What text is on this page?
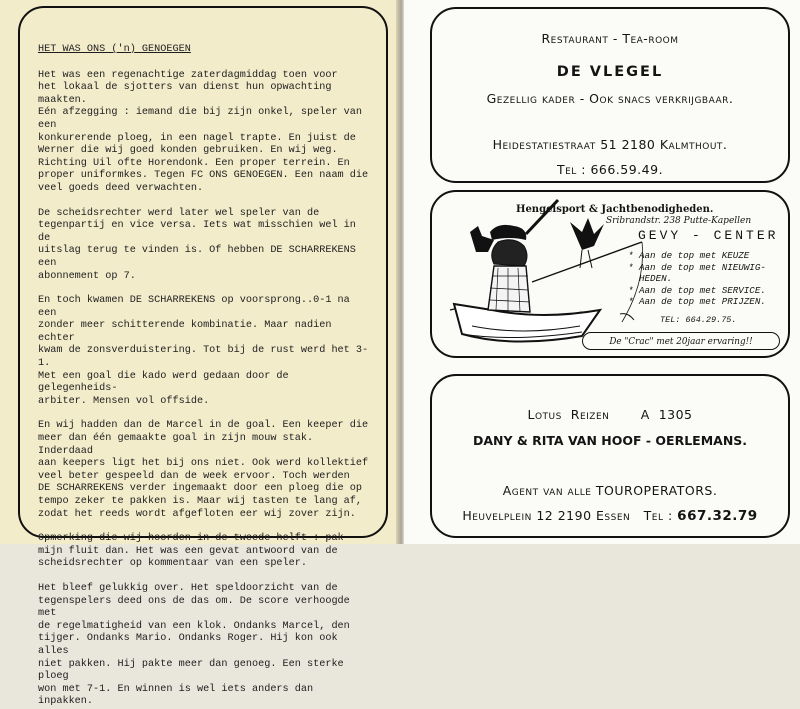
HET WAS ONS ('n) GENOEGEN

Het was een regenachtige zaterdagmiddag toen voor
het lokaal de sjotters van dienst hun opwachting maakten.
Eén afzegging : iemand die bij zijn onkel, speler van een
konkurerende ploeg, in een nagel trapte. En juist de
Werner die wij goed konden gebruiken. En wij weg.
Richting Uil ofte Horendonk. Een proper terrein. En
proper uniformkes. Tegen FC ONS GENOEGEN. Een naam die
veel goeds deed verwachten.

De scheidsrechter werd later wel speler van de
tegenpartij en vice versa. Iets wat misschien wel in de
uitslag terug te vinden is. Of hebben DE SCHARREKENS een
abonnement op 7.

En toch kwamen DE SCHARREKENS op voorsprong..0-1 na een
zonder meer schitterende kombinatie. Maar nadien echter
kwam de zonsverduistering. Tot bij de rust werd het 3-1.
Met een goal die kado werd gedaan door de gelegenheids-
arbiter. Mensen vol offside.

En wij hadden dan de Marcel in de goal. Een keeper die
meer dan één gemaakte goal in zijn mouw stak. Inderdaad
aan keepers ligt het bij ons niet. Ook werd kollektief
veel beter gespeeld dan de week ervoor. Toch werden
DE SCHARREKENS verder ingemaakt door een ploeg die op
tempo zeker te pakken is. Maar wij tasten te lang af,
zodat het reeds wordt afgefloten eer wij zover zijn.

Opmerking die wij hoorden in de tweede helft : pak
mijn fluit dan. Het was een gevat antwoord van de
scheidsrechter op kommentaar van een speler.

Het bleef gelukkig over. Het speldoorzicht van de
tegenspelers deed ons de das om. De score verhoogde met
de regelmatigheid van een klok. Ondanks Marcel, den
tijger. Ondanks Mario. Ondanks Roger. Hij kon ook alles
niet pakken. Hij pakte meer dan genoeg. Een sterke ploeg
won met 7-1. En winnen is wel iets anders dan inpakken.

Restaurant - Tea-room
DE VLEGEL
Gezellig kader - Ook snacs verkrijgbaar.
Heidestatiestraat 51 2180 Kalmthout.
Tel : 666.59.49.
Hengelsport & Jachtbenodigheden.
Sribrandstr. 238 Putte-Kapellen
GEVY - CENTER
* Aan de top met KEUZE
* Aan de top met NIEUWIG-
HEDEN.
* Aan de top met SERVICE.
* Aan de top met PRIJZEN.
TEL: 664.29.75.
De "Crac" met 20jaar ervaring!!
Lotus  Reizen       A  1305
DANY & RITA VAN HOOF - OERLEMANS.
Agent van alle TOUROPERATORS.
Heuvelplein 12 2190 Essen   Tel : 667.32.79
